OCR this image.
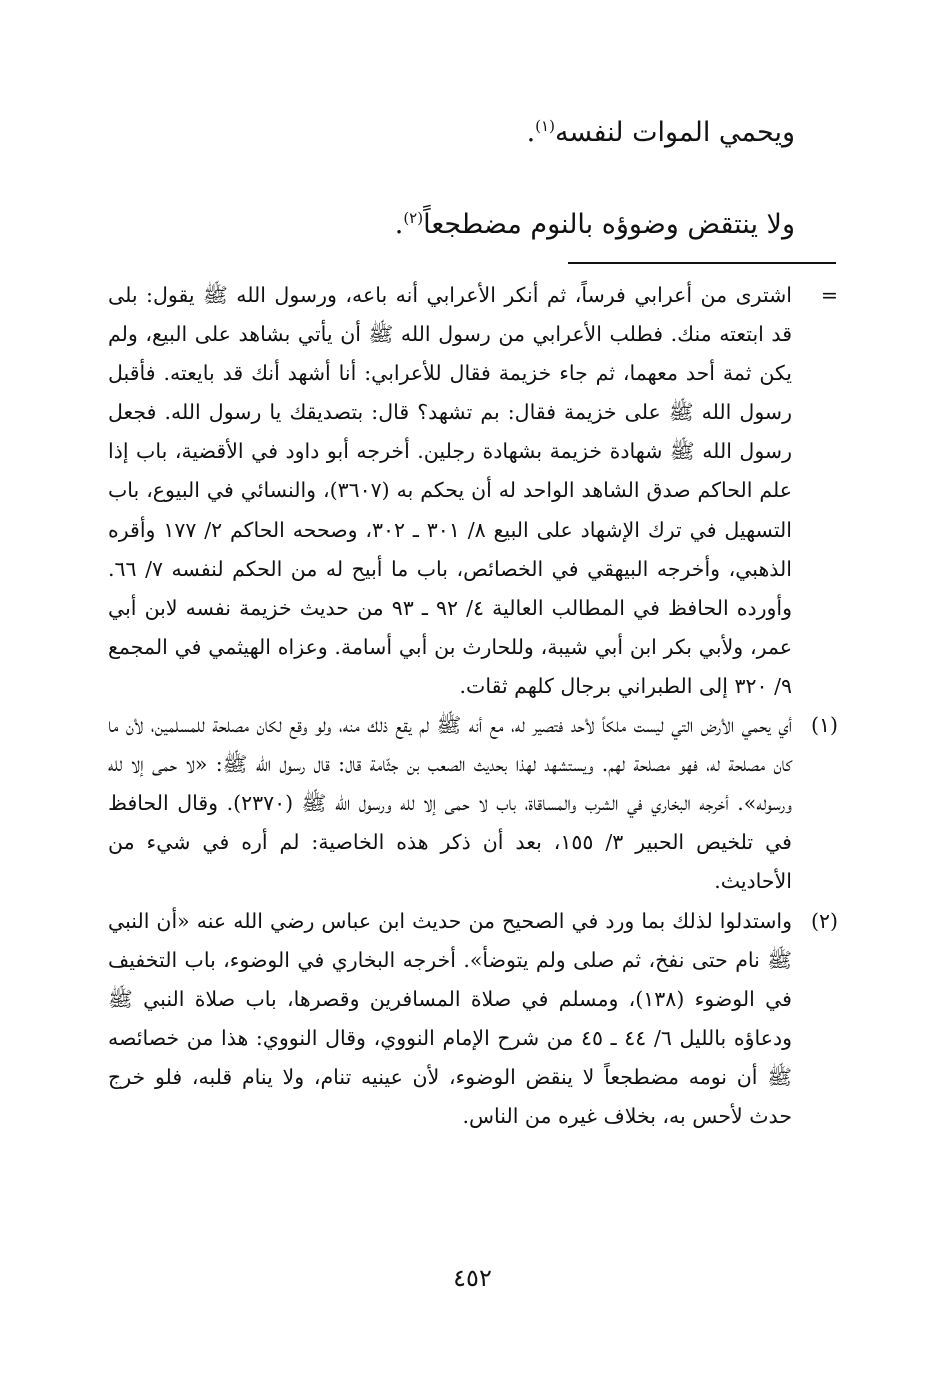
ويحمي الموات لنفسه$^{(١)}$.
ولا ينتقض وضوؤه بالنوم مضطجعاً$^{(٢)}$.

=
اشترى من أعرابي فرساً، ثم أنكر الأعرابي أنه باعه، ورسول الله ﷺ يقول: بلى قد ابتعته منك. فطلب الأعرابي من رسول الله ﷺ أن يأتي بشاهد على البيع، ولم يكن ثمة أحد معهما، ثم جاء خزيمة فقال للأعرابي: أنا أشهد أنك قد بايعته. فأقبل رسول الله ﷺ على خزيمة فقال: بم تشهد؟ قال: بتصديقك يا رسول الله. فجعل رسول الله ﷺ شهادة خزيمة بشهادة رجلين. أخرجه أبو داود في الأقضية، باب إذا علم الحاكم صدق الشاهد الواحد له أن يحكم به (٣٦٠٧)، والنسائي في البيوع، باب التسهيل في ترك الإشهاد على البيع ٨/ ٣٠١ ـ ٣٠٢، وصححه الحاكم ٢/ ١٧٧ وأقره الذهبي، وأخرجه البيهقي في الخصائص، باب ما أبيح له من الحكم لنفسه ٧/ ٦٦. وأورده الحافظ في المطالب العالية ٤/ ٩٢ ـ ٩٣ من حديث خزيمة نفسه لابن أبي عمر، ولأبي بكر ابن أبي شيبة، وللحارث بن أبي أسامة. وعزاه الهيثمي في المجمع ٩/ ٣٢٠ إلى الطبراني برجال كلهم ثقات.

(١)
أي يحمي الأرض التي ليست ملكاً لأحد فتصير له، مع أنه ﷺ لم يقع ذلك منه، ولو وقع لكان مصلحة للمسلمين، لأن ما كان مصلحة له، فهو مصلحة لهم. ويستشهد لهذا بحديث الصعب بن جثّامة قال: قال رسول الله ﷺ: «لا حمى إلا لله ورسوله». أخرجه البخاري في الشرب والمساقاة، باب لا حمى إلا لله ورسول الله ﷺ (٢٣٧٠). وقال الحافظ في تلخيص الحبير ٣/ ١٥٥، بعد أن ذكر هذه الخاصية: لم أره في شيء من الأحاديث.

(٢)
واستدلوا لذلك بما ورد في الصحيح من حديث ابن عباس رضي الله عنه «أن النبي ﷺ نام حتى نفخ، ثم صلى ولم يتوضأ». أخرجه البخاري في الوضوء، باب التخفيف في الوضوء (١٣٨)، ومسلم في صلاة المسافرين وقصرها، باب صلاة النبي ﷺ ودعاؤه بالليل ٦/ ٤٤ ـ ٤٥ من شرح الإمام النووي، وقال النووي: هذا من خصائصه ﷺ أن نومه مضطجعاً لا ينقض الوضوء، لأن عينيه تنام، ولا ينام قلبه، فلو خرج حدث لأحس به، بخلاف غيره من الناس.

٤٥٢
